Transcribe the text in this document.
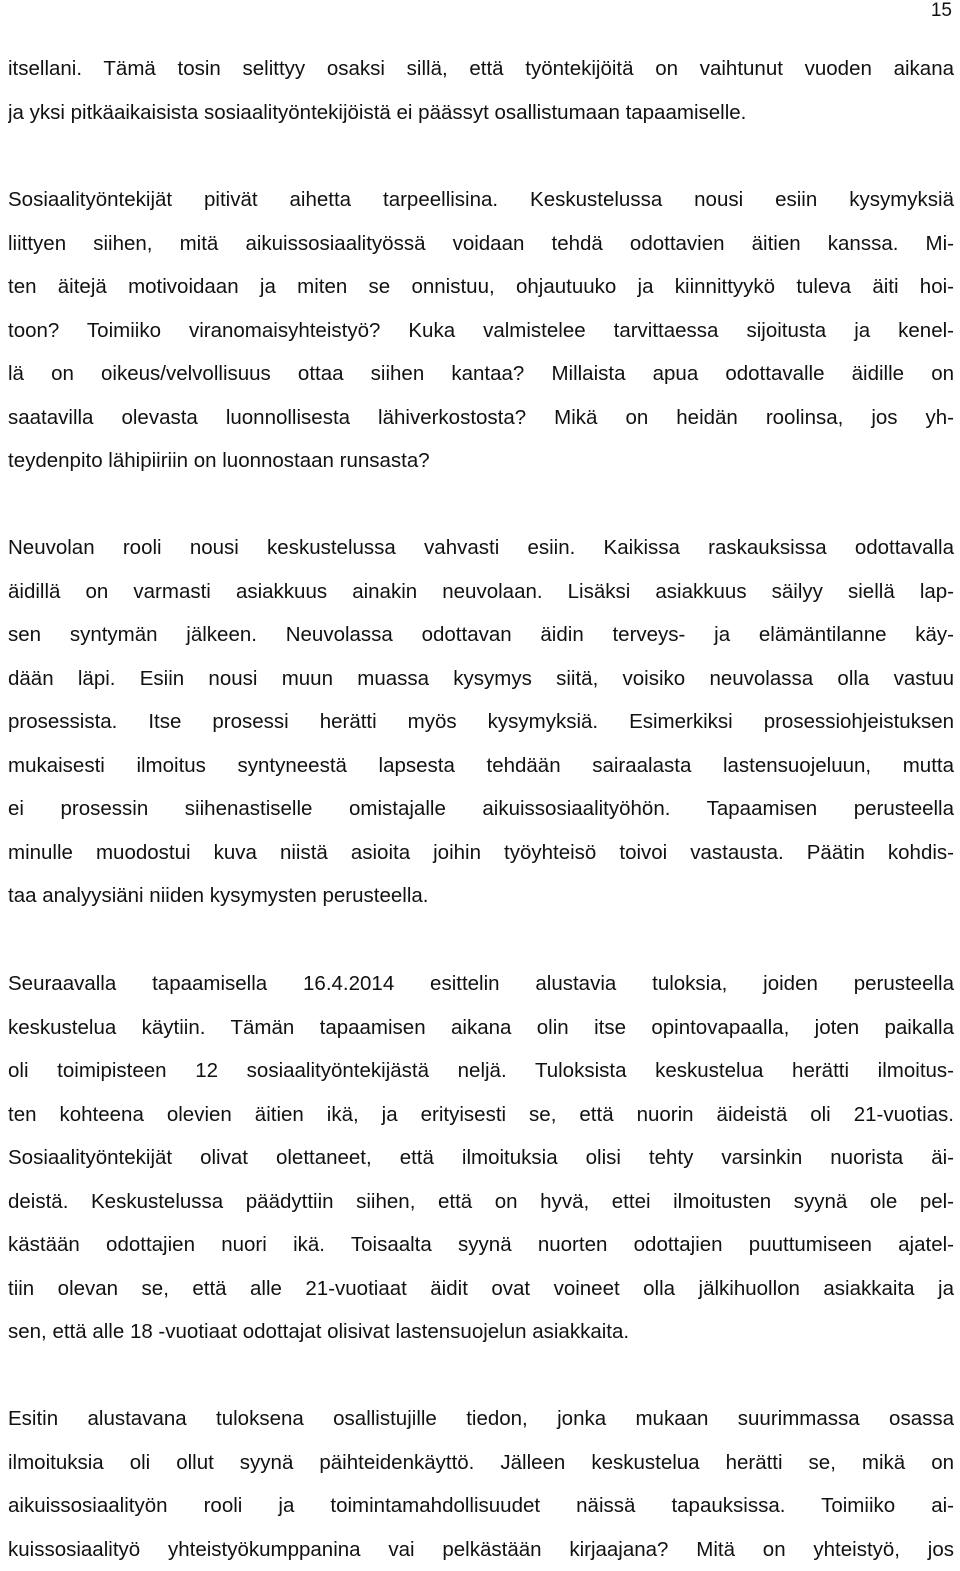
15
itsellani. Tämä tosin selittyy osaksi sillä, että työntekijöitä on vaihtunut vuoden aikana
ja yksi pitkäaikaisista sosiaalityöntekijöistä ei päässyt osallistumaan tapaamiselle.
Sosiaalityöntekijät pitivät aihetta tarpeellisina. Keskustelussa nousi esiin kysymyksiä
liittyen siihen, mitä aikuissosiaalityössä voidaan tehdä odottavien äitien kanssa. Mi-
ten äitejä motivoidaan ja miten se onnistuu, ohjautuuko ja kiinnittyykö tuleva äiti hoi-
toon? Toimiiko viranomaisyhteistyö? Kuka valmistelee tarvittaessa sijoitusta ja kenel-
lä on oikeus/velvollisuus ottaa siihen kantaa? Millaista apua odottavalle äidille on
saatavilla olevasta luonnollisesta lähiverkostosta? Mikä on heidän roolinsa, jos yh-
teydenpito lähipiiriin on luonnostaan runsasta?
Neuvolan rooli nousi keskustelussa vahvasti esiin. Kaikissa raskauksissa odottavalla
äidillä on varmasti asiakkuus ainakin neuvolaan. Lisäksi asiakkuus säilyy siellä lap-
sen syntymän jälkeen. Neuvolassa odottavan äidin terveys- ja elämäntilanne käy-
dään läpi. Esiin nousi muun muassa kysymys siitä, voisiko neuvolassa olla vastuu
prosessista. Itse prosessi herätti myös kysymyksiä. Esimerkiksi prosessiohjeistuksen
mukaisesti ilmoitus syntyneestä lapsesta tehdään sairaalasta lastensuojeluun, mutta
ei prosessin siihenastiselle omistajalle aikuissosiaalityöhön. Tapaamisen perusteella
minulle muodostui kuva niistä asioita joihin työyhteisö toivoi vastausta. Päätin kohdis-
taa analyysiäni niiden kysymysten perusteella.
Seuraavalla tapaamisella 16.4.2014 esittelin alustavia tuloksia, joiden perusteella
keskustelua käytiin. Tämän tapaamisen aikana olin itse opintovapaalla, joten paikalla
oli toimipisteen 12 sosiaalityöntekijästä neljä. Tuloksista keskustelua herätti ilmoitus-
ten kohteena olevien äitien ikä, ja erityisesti se, että nuorin äideistä oli 21-vuotias.
Sosiaalityöntekijät olivat olettaneet, että ilmoituksia olisi tehty varsinkin nuorista äi-
deistä. Keskustelussa päädyttiin siihen, että on hyvä, ettei ilmoitusten syynä ole pel-
kästään odottajien nuori ikä. Toisaalta syynä nuorten odottajien puuttumiseen ajatel-
tiin olevan se, että alle 21-vuotiaat äidit ovat voineet olla jälkihuollon asiakkaita ja
sen, että alle 18 -vuotiaat odottajat olisivat lastensuojelun asiakkaita.
Esitin alustavana tuloksena osallistujille tiedon, jonka mukaan suurimmassa osassa
ilmoituksia oli ollut syynä päihteidenkäyttö. Jälleen keskustelua herätti se, mikä on
aikuissosiaalityön rooli ja toimintamahdollisuudet näissä tapauksissa. Toimiiko ai-
kuissosiaalityö yhteistyökumppanina vai pelkästään kirjaajana? Mitä on yhteistyö, jos
